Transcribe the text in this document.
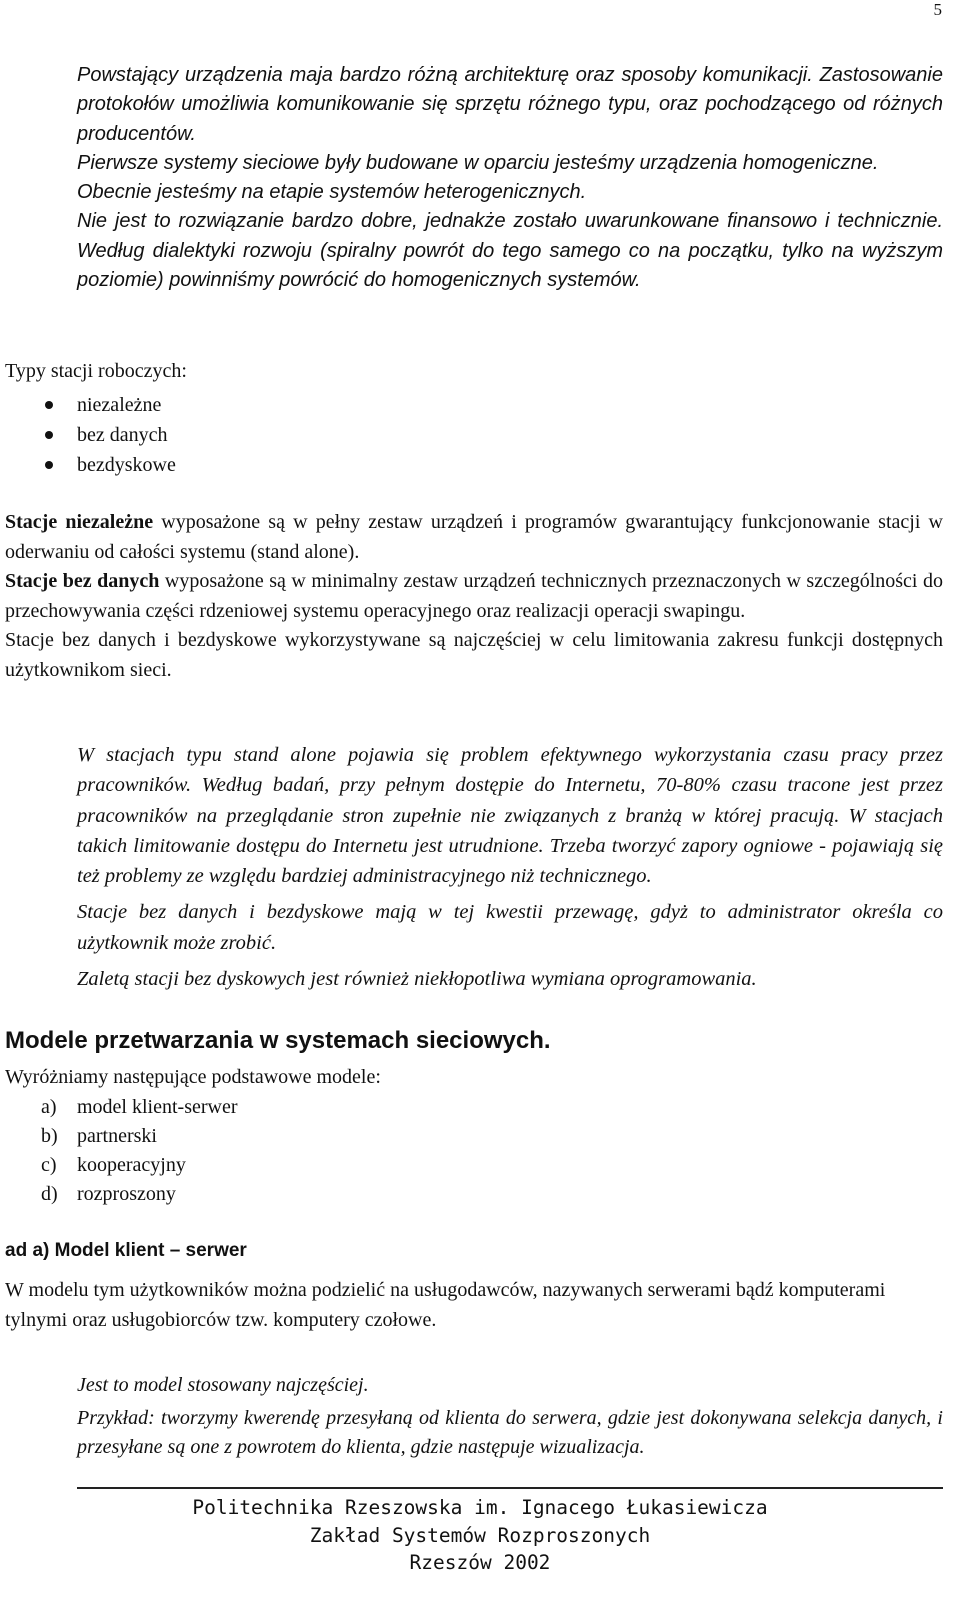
5

Powstający urządzenia maja bardzo różną architekturę oraz sposoby komunikacji. Zastosowanie protokołów umożliwia komunikowanie się sprzętu różnego typu, oraz pochodzącego od różnych producentów.

Pierwsze systemy sieciowe były budowane w oparciu jesteśmy urządzenia homogeniczne.

Obecnie jesteśmy na etapie systemów heterogenicznych.

Nie jest to rozwiązanie bardzo dobre, jednakże zostało uwarunkowane finansowo i technicznie. Według dialektyki rozwoju (spiralny powrót do tego samego co na początku, tylko na wyższym poziomie) powinniśmy powrócić do homogenicznych systemów.

Typy stacji roboczych:
niezależne
bez danych
bezdyskowe

Stacje niezależne wyposażone są w pełny zestaw urządzeń i programów gwarantujący funkcjonowanie stacji w oderwaniu od całości systemu (stand alone).

Stacje bez danych wyposażone są w minimalny zestaw urządzeń technicznych przeznaczonych w szczególności do przechowywania części rdzeniowej systemu operacyjnego oraz realizacji operacji swapingu.

Stacje bez danych i bezdyskowe wykorzystywane są najczęściej w celu limitowania zakresu funkcji dostępnych użytkownikom sieci.

W stacjach typu stand alone pojawia się problem efektywnego wykorzystania czasu pracy przez pracowników. Według badań, przy pełnym dostępie do Internetu, 70-80% czasu tracone jest przez pracowników na przeglądanie stron zupełnie nie związanych z branżą w której pracują. W stacjach takich limitowanie dostępu do Internetu jest utrudnione. Trzeba tworzyć zapory ogniowe - pojawiają się też problemy ze względu bardziej administracyjnego niż technicznego.

Stacje bez danych i bezdyskowe mają w tej kwestii przewagę, gdyż to administrator określa co użytkownik może zrobić.

Zaletą stacji bez dyskowych jest również niekłopotliwa wymiana oprogramowania.

Modele przetwarzania w systemach sieciowych.
Wyróżniamy następujące podstawowe modele:
a) model klient-serwer
b) partnerski
c) kooperacyjny
d) rozproszony
ad a) Model klient – serwer
W modelu tym użytkowników można podzielić na usługodawców, nazywanych serwerami bądź komputerami tylnymi oraz usługobiorców tzw. komputery czołowe.

Jest to model stosowany najczęściej.

Przykład: tworzymy kwerendę przesyłaną od klienta do serwera, gdzie jest dokonywana selekcja danych, i przesyłane są one z powrotem do klienta, gdzie następuje wizualizacja.

Politechnika Rzeszowska im. Ignacego Łukasiewicza
Zakład Systemów Rozproszonych
Rzeszów 2002
